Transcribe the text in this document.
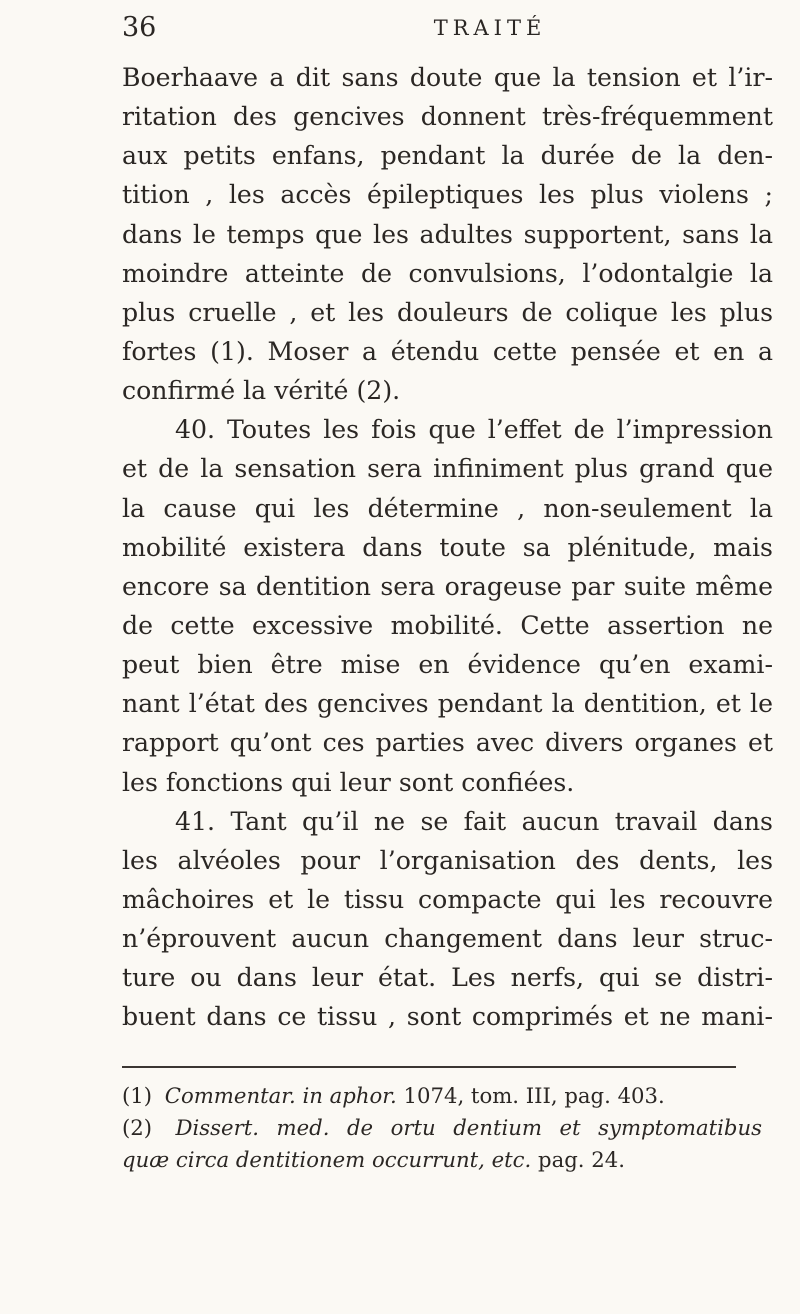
36	TRAITÉ
Boerhaave a dit sans doute que la tension et l’ir-
ritation des gencives donnent très-fréquemment
aux petits enfans, pendant la durée de la den-
tition , les accès épileptiques les plus violens ;
dans le temps que les adultes supportent, sans la
moindre atteinte de convulsions, l’odontalgie la
plus cruelle , et les douleurs de colique les plus
fortes (1). Moser a étendu cette pensée et en a
confirmé la vérité (2).
40. Toutes les fois que l’effet de l’impression
et de la sensation sera infiniment plus grand que
la cause qui les détermine , non-seulement la
mobilité existera dans toute sa plénitude, mais
encore sa dentition sera orageuse par suite même
de cette excessive mobilité. Cette assertion ne
peut bien être mise en évidence qu’en exami-
nant l’état des gencives pendant la dentition, et le
rapport qu’ont ces parties avec divers organes et
les fonctions qui leur sont confiées.
41. Tant qu’il ne se fait aucun travail dans
les alvéoles pour l’organisation des dents, les
mâchoires et le tissu compacte qui les recouvre
n’éprouvent aucun changement dans leur struc-
ture ou dans leur état. Les nerfs, qui se distri-
buent dans ce tissu , sont comprimés et ne mani-
(1) Commentar. in aphor. 1074, tom. III, pag. 403.
(2) Dissert. med. de ortu dentium et symptomatibus
quæ circa dentitionem occurrunt, etc. pag. 24.
